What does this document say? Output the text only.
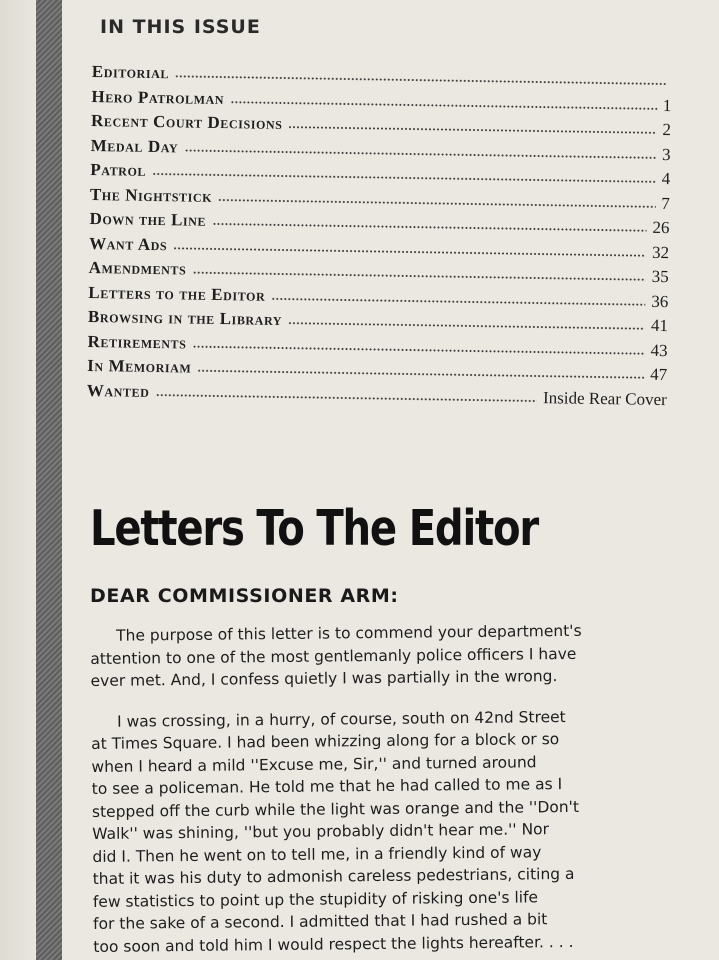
IN THIS ISSUE
Editorial
Hero Patrolman	1
Recent Court Decisions	2
Medal Day	3
Patrol	4
The Nightstick	7
Down the Line	26
Want Ads	32
Amendments	35
Letters to the Editor	36
Browsing in the Library	41
Retirements	43
In Memoriam	47
Wanted	Inside Rear Cover
Letters To The Editor
DEAR COMMISSIONER ARM:
The purpose of this letter is to commend your department's
attention to one of the most gentlemanly police officers I have
ever met. And, I confess quietly I was partially in the wrong.
I was crossing, in a hurry, of course, south on 42nd Street
at Times Square. I had been whizzing along for a block or so
when I heard a mild ''Excuse me, Sir,'' and turned around
to see a policeman. He told me that he had called to me as I
stepped off the curb while the light was orange and the ''Don't
Walk'' was shining, ''but you probably didn't hear me.'' Nor
did I. Then he went on to tell me, in a friendly kind of way
that it was his duty to admonish careless pedestrians, citing a
few statistics to point up the stupidity of risking one's life
for the sake of a second. I admitted that I had rushed a bit
too soon and told him I would respect the lights hereafter. . . .
